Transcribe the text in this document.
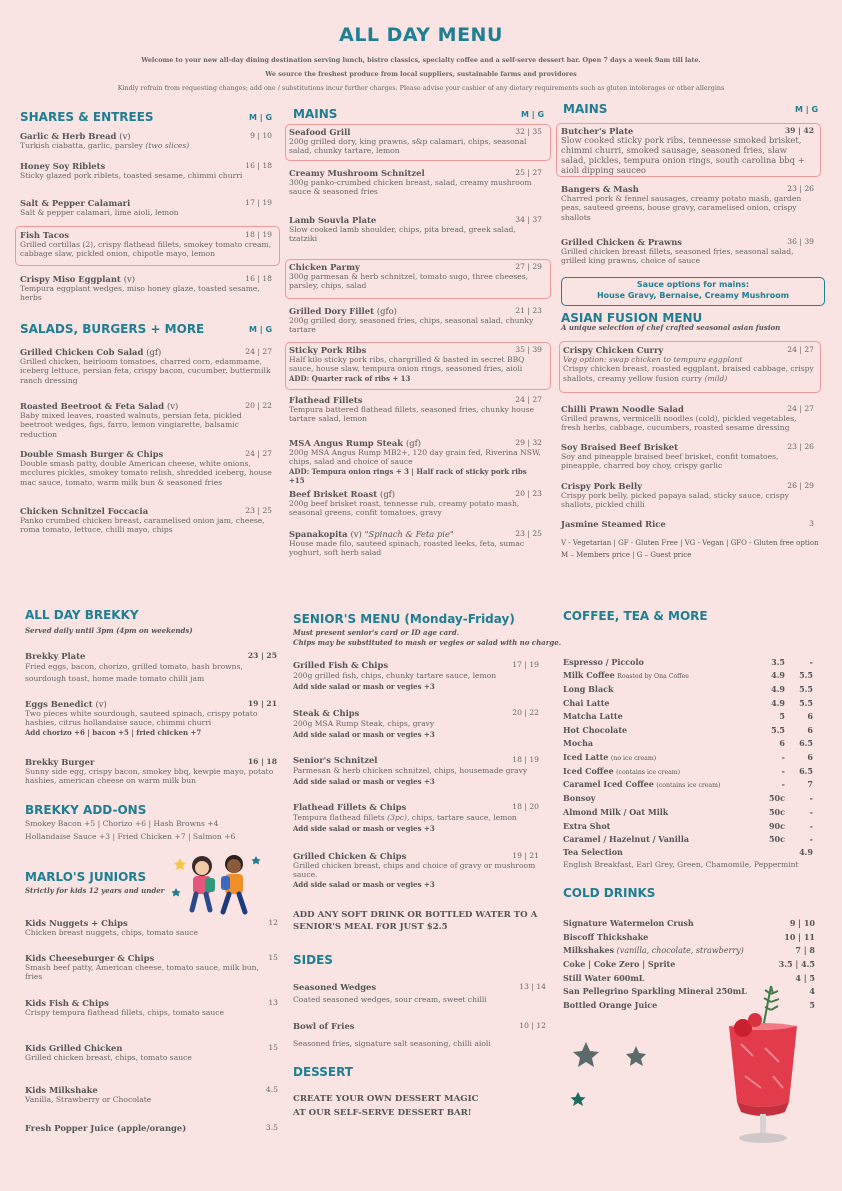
ALL DAY MENU
Welcome to your new all-day dining destination serving lunch, bistro classics, specialty coffee and a self-serve dessert bar. Open 7 days a week 9am till late.
We source the freshest produce from local suppliers, sustainable farms and providores
Kindly refrain from requesting changes; add one / substitutions incur further charges. Please advise your cashier of any dietary requirements such as gluten intolerages or other allergins
SHARES & ENTREES	M | G
Garlic & Herb Bread (v)	9 | 10
Turkish ciabatta, garlic, parsley (two slices)
Honey Soy Riblets	16 | 18
Sticky glazed pork riblets, toasted sesame, chimmi churri
Salt & Pepper Calamari	17 | 19
Salt & pepper calamari, lime aioli, lemon
Fish Tacos	18 | 19
Grilled cortillas (2), crispy flathead fillets, smokey tomato cream, cabbage slaw, pickled onion, chipotle mayo, lemon
Crispy Miso Eggplant (v)	16 | 18
Tempura eggplant wedges, miso honey glaze, toasted sesame, herbs
SALADS, BURGERS + MORE	M | G
Grilled Chicken Cob Salad (gf)	24 | 27
Grilled chicken, heirloom tomatoes, charred corn, edammame, iceberg lettuce, persian feta, crispy bacon, cucumber, buttermilk ranch dressing
Roasted Beetroot & Feta Salad (v)	20 | 22
Baby mixed leaves, roasted walnuts, persian feta, pickled beetroot wedges, figs, farro, lemon vingiarette, balsamic reduction
Double Smash Burger & Chips	24 | 27
Double smash patty, double American cheese, white onions, mcclures pickles, smokey tomato relish, shredded iceberg, house mac sauce, tomato, warm milk bun & seasoned fries
Chicken Schnitzel Foccacia	23 | 25
Panko crumbed chicken breast, caramelised onion jam, cheese, roma tomato, lettuce, chilli mayo, chips
MAINS	M | G
Seafood Grill	32 | 35
200g grilled dory, king prawns, s&p calamari, chips, seasonal salad, chunky tartare, lemon
Creamy Mushroom Schnitzel	25 | 27
300g panko-crumbed chicken breast, salad, creamy mushroom sauce & seasoned fries
Lamb Souvla Plate	34 | 37
Slow cooked lamb shoulder, chips, pita bread, greek salad, tzatziki
Chicken Parmy	27 | 29
300g parmesan & herb schnitzel, tomato sugo, three cheeses, parsley, chips, salad
Grilled Dory Fillet (gfo)	21 | 23
200g grilled dory, seasoned fries, chips, seasonal salad, chunky tartare
Sticky Pork Ribs	35 | 39
Half kilo sticky pork ribs, chargrilled & basted in secret BBQ sauce, house slaw, tempura onion rings, seasoned fries, aioli
ADD: Quarter rack of ribs + 13
Flathead Fillets	24 | 27
Tempura battered flathead fillets, seasoned fries, chunky house tartare salad, lemon
MSA Angus Rump Steak (gf)	29 | 32
200g MSA Angus Rump MB2+, 120 day grain fed, Riverina NSW, chips, salad and choice of sauce
ADD: Tempura onion rings + 3 | Half rack of sticky pork ribs +15
Beef Brisket Roast (gf)	20 | 23
200g beef brisket roast, tennesse rub, creamy potato mash, seasonal greens, confit tomatoes, gravy
Spanakopita (v) "Spinach & Feta pie"	23 | 25
House made filo, sauteed spinach, roasted leeks, feta, sumac yoghurt, soft herb salad
MAINS	M | G
Butcher's Plate	39 | 42
Slow cooked sticky pork ribs, tenneesse smoked brisket, chimmi churri, smoked sausage, seasoned fries, slaw salad, pickles, tempura onion rings, south carolina bbq + aioli dipping sauceo
Bangers & Mash	23 | 26
Charred pork & fennel sausages, creamy potato mash, garden peas, sauteed greens, house gravy, caramelised onion, crispy shallots
Grilled Chicken & Prawns	36 | 39
Grilled chicken breast fillets, seasoned fries, seasonal salad, grilled king prawns, choice of sauce
Sauce options for mains:
House Gravy, Bernaise, Creamy Mushroom
ASIAN FUSION MENU
A unique selection of chef crafted seasonal asian fusion
Crispy Chicken Curry	24 | 27
Veg option: swap chicken to tempura eggplant
Crispy chicken breast, roasted eggplant, braised cabbage, crispy shallots, creamy yellow fusion curry (mild)
Chilli Prawn Noodle Salad	24 | 27
Grilled prawns, vermicelli noodles (cold), pickled vegetables, fresh herbs, cabbage, cucumbers, roasted sesame dressing
Soy Braised Beef Brisket	23 | 26
Soy and pineapple braised beef brisket, confit tomatoes, pineapple, charred boy choy, crispy garlic
Crispy Pork Belly	26 | 29
Crispy pork belly, picked papaya salad, sticky sauce, crispy shallots, pickled chilli
Jasmine Steamed Rice	3
V - Vegetarian | GF - Gluten Free | VG - Vegan | GFO - Gluten free option
M – Members price | G – Guest price
ALL DAY BREKKY
Served daily until 3pm (4pm on weekends)
Brekky Plate	23 | 25
Fried eggs, bacon, chorizo, grilled tomato, hash browns, sourdough toast, home made tomato chilli jam
Eggs Benedict (v)	19 | 21
Two pieces white sourdough, sauteed spinach, crispy potato hashies, citrus hollandaise sauce, chimmi churri
Add chorizo +6 | bacon +5 | fried chicken +7
Brekky Burger	16 | 18
Sunny side egg, crispy bacon, smokey bbq, kewpie mayo, potato hashies, american cheese on warm milk bun
BREKKY ADD-ONS
Smokey Bacon +5 | Chorizo +6 | Hash Browns +4
Hollandaise Sauce +3 | Fried Chicken +7 | Salmon +6
MARLO'S JUNIORS
Strictly for kids 12 years and under
Kids Nuggets + Chips	12
Chicken breast nuggets, chips, tomato sauce
Kids Cheeseburger & Chips	15
Smash beef patty, American cheese, tomato sauce, milk bun, fries
Kids Fish & Chips	13
Crispy tempura flathead fillets, chips, tomato sauce
Kids Grilled Chicken	15
Grilled chicken breast, chips, tomato sauce
Kids Milkshake	4.5
Vanilla, Strawberry or Chocolate
Fresh Popper Juice (apple/orange)	3.5
SENIOR'S MENU (Monday-Friday)
Must present senior's card or ID age card.
Chips may be substituted to mash or vegies or salad with no charge.
Grilled Fish & Chips	17 | 19
200g grilled fish, chips, chunky tartare sauce, lemon
Add side salad or mash or vegies +3
Steak & Chips	20 | 22
200g MSA Rump Steak, chips, gravy
Add side salad or mash or vegies +3
Senior's Schnitzel	18 | 19
Parmesan & herb chicken schnitzel, chips, housemade gravy
Add side salad or mash or vegies +3
Flathead Fillets & Chips	18 | 20
Tempura flathead fillets (3pc), chips, tartare sauce, lemon
Add side salad or mash or vegies +3
Grilled Chicken & Chips	19 | 21
Grilled chicken breast, chips and choice of gravy or mushroom sauce.
Add side salad or mash or vegies +3
ADD ANY SOFT DRINK OR BOTTLED WATER TO A
SENIOR'S MEAL FOR JUST $2.5
SIDES
Seasoned Wedges	13 | 14
Coated seasoned wedges, sour cream, sweet chilli
Bowl of Fries	10 | 12
Seasoned fries, signature salt seasoning, chilli aioli
DESSERT
CREATE YOUR OWN DESSERT MAGIC
AT OUR SELF-SERVE DESSERT BAR!
COFFEE, TEA & MORE
English Breakfast, Earl Grey, Green, Chamomile, Peppermint
COLD DRINKS
Espresso / Piccolo	3.5	-
Milk Coffee Roasted by Ona Coffee	4.9 5.5
Long Black	4.9 5.5
Chai Latte	4.9 5.5
Matcha Latte	5	6
Hot Chocolate	5.5	6
Mocha	6 6.5
Iced Latte (no ice cream)	-	6
Iced Coffee (contains ice cream)	- 6.5
Caramel Iced Coffee (contains ice cream)	-	7
Bonsoy	50c	-
Almond Milk / Oat Milk	50c	-
Extra Shot	90c	-
Caramel / Hazelnut / Vanilla	50c	-
Tea Selection	4.9
Signature Watermelon Crush	9 | 10
Biscoff Thickshake	10 | 11
Milkshakes (vanilla, chocolate, strawberry)	7 | 8
Coke | Coke Zero | Sprite	3.5 | 4.5
Still Water 600mL	4 | 5
San Pellegrino Sparkling Mineral 250mL	4
Bottled Orange Juice	5
